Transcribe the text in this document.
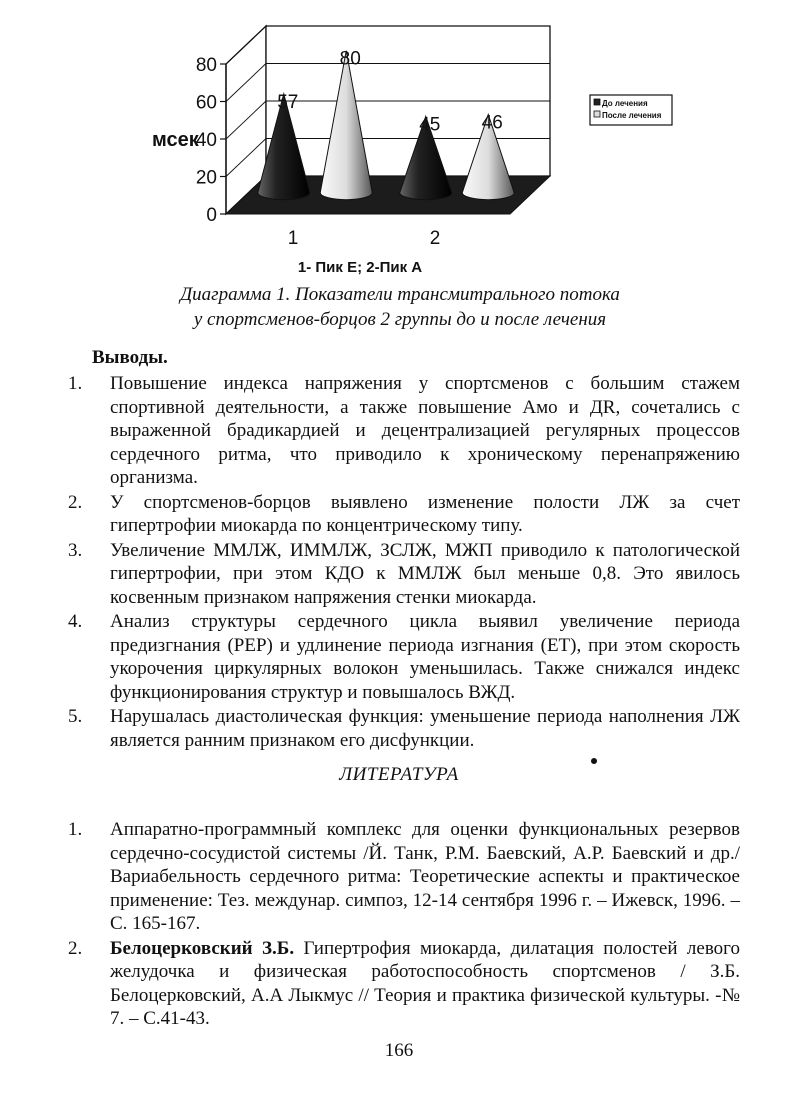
0
20
40
60
80
57
80
1
45 46
2
мсек
1- Пик Е; 2-Пик А
До лечения
После лечения
Диаграмма 1. Показатели трансмитрального потока
у спортсменов-борцов 2 группы до и после лечения
Выводы.
1.	Повышение индекса напряжения у спортсменов с большим стажем спортивной деятельности, а также повышение Амо и ДR, сочетались с выраженной брадикардией и децентрализацией регулярных процессов сердечного ритма, что приводило к хроническому перенапряжению организма.
2.	У спортсменов-борцов выявлено изменение полости ЛЖ за счет гипертрофии миокарда по концентрическому типу.
3.	Увеличение ММЛЖ, ИММЛЖ, ЗСЛЖ, МЖП приводило к патологической гипертрофии, при этом КДО к ММЛЖ был меньше 0,8. Это явилось косвенным признаком напряжения стенки миокарда.
4.	Анализ структуры сердечного цикла выявил увеличение периода предизгнания (PEP) и удлинение периода изгнания (ЕТ), при этом скорость укорочения циркулярных волокон уменьшилась. Также снижался индекс функционирования структур и повышалось ВЖД.
5.	Нарушалась диастолическая функция: уменьшение периода наполнения ЛЖ является ранним признаком его дисфункции.
ЛИТЕРАТУРА
1.	Аппаратно-программный комплекс для оценки функциональных резервов сердечно-сосудистой системы /Й. Танк, Р.М. Баевский, А.Р. Баевский и др./ Вариабельность сердечного ритма: Теоретические аспекты и практическое применение: Тез. междунар. симпоз, 12-14 сентября 1996 г. – Ижевск, 1996. – С. 165-167.
2.	Белоцерковский З.Б. Гипертрофия миокарда, дилатация полостей левого желудочка и физическая работоспособность спортсменов / З.Б. Белоцерковский, А.А Лыкмус // Теория и практика физической культуры. -№ 7. – С.41-43.
166
